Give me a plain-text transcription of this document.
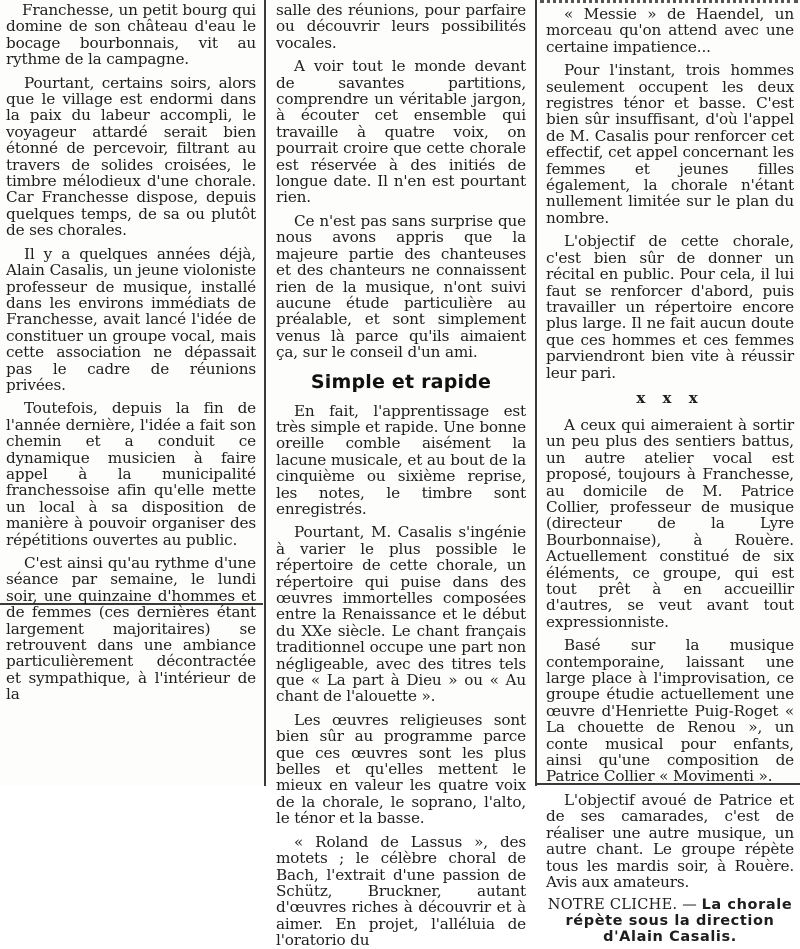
Franchesse, un petit bourg qui domine de son château d'eau le bocage bourbonnais, vit au rythme de la campagne.

Pourtant, certains soirs, alors que le village est endormi dans la paix du labeur accompli, le voyageur attardé serait bien étonné de percevoir, filtrant au travers de solides croisées, le timbre mélodieux d'une chorale. Car Franchesse dispose, depuis quelques temps, de sa ou plutôt de ses chorales.

Il y a quelques années déjà, Alain Casalis, un jeune violoniste professeur de musique, installé dans les environs immédiats de Franchesse, avait lancé l'idée de constituer un groupe vocal, mais cette association ne dépassait pas le cadre de réunions privées.

Toutefois, depuis la fin de l'année dernière, l'idée a fait son chemin et a conduit ce dynamique musicien à faire appel à la municipalité franchessoise afin qu'elle mette un local à sa disposition de manière à pouvoir organiser des répétitions ouvertes au public.

C'est ainsi qu'au rythme d'une séance par semaine, le lundi soir, une quinzaine d'hommes et de femmes (ces dernières étant largement majoritaires) se retrouvent dans une ambiance particulièrement décontractée et sympathique, à l'intérieur de la

salle des réunions, pour parfaire ou découvrir leurs possibilités vocales.

A voir tout le monde devant de savantes partitions, comprendre un véritable jargon, à écouter cet ensemble qui travaille à quatre voix, on pourrait croire que cette chorale est réservée à des initiés de longue date. Il n'en est pourtant rien.

Ce n'est pas sans surprise que nous avons appris que la majeure partie des chanteuses et des chanteurs ne connaissent rien de la musique, n'ont suivi aucune étude particulière au préalable, et sont simplement venus là parce qu'ils aimaient ça, sur le conseil d'un ami.

Simple et rapide

En fait, l'apprentissage est très simple et rapide. Une bonne oreille comble aisément la lacune musicale, et au bout de la cinquième ou sixième reprise, les notes, le timbre sont enregistrés.

Pourtant, M. Casalis s'ingénie à varier le plus possible le répertoire de cette chorale, un répertoire qui puise dans des œuvres immortelles composées entre la Renaissance et le début du XXe siècle. Le chant français traditionnel occupe une part non négligeable, avec des titres tels que « La part à Dieu » ou « Au chant de l'alouette ».

Les œuvres religieuses sont bien sûr au programme parce que ces œuvres sont les plus belles et qu'elles mettent le mieux en valeur les quatre voix de la chorale, le soprano, l'alto, le ténor et la basse.

« Roland de Lassus », des motets ; le célèbre choral de Bach, l'extrait d'une passion de Schütz, Bruckner, autant d'œuvres riches à découvrir et à aimer. En projet, l'alléluia de l'oratorio du

« Messie » de Haendel, un morceau qu'on attend avec une certaine impatience...

Pour l'instant, trois hommes seulement occupent les deux registres ténor et basse. C'est bien sûr insuffisant, d'où l'appel de M. Casalis pour renforcer cet effectif, cet appel concernant les femmes et jeunes filles également, la chorale n'étant nullement limitée sur le plan du nombre.

L'objectif de cette chorale, c'est bien sûr de donner un récital en public. Pour cela, il lui faut se renforcer d'abord, puis travailler un répertoire encore plus large. Il ne fait aucun doute que ces hommes et ces femmes parviendront bien vite à réussir leur pari.

x x x

A ceux qui aimeraient à sortir un peu plus des sentiers battus, un autre atelier vocal est proposé, toujours à Franchesse, au domicile de M. Patrice Collier, professeur de musique (directeur de la Lyre Bourbonnaise), à Rouère. Actuellement constitué de six éléments, ce groupe, qui est tout prêt à en accueillir d'autres, se veut avant tout expressionniste.

Basé sur la musique contemporaine, laissant une large place à l'improvisation, ce groupe étudie actuellement une œuvre d'Henriette Puig-Roget « La chouette de Renou », un conte musical pour enfants, ainsi qu'une composition de Patrice Collier « Movimenti ».

L'objectif avoué de Patrice et de ses camarades, c'est de réaliser une autre musique, un autre chant. Le groupe répète tous les mardis soir, à Rouère. Avis aux amateurs.

NOTRE CLICHE. — La chorale répète sous la direction d'Alain Casalis.
